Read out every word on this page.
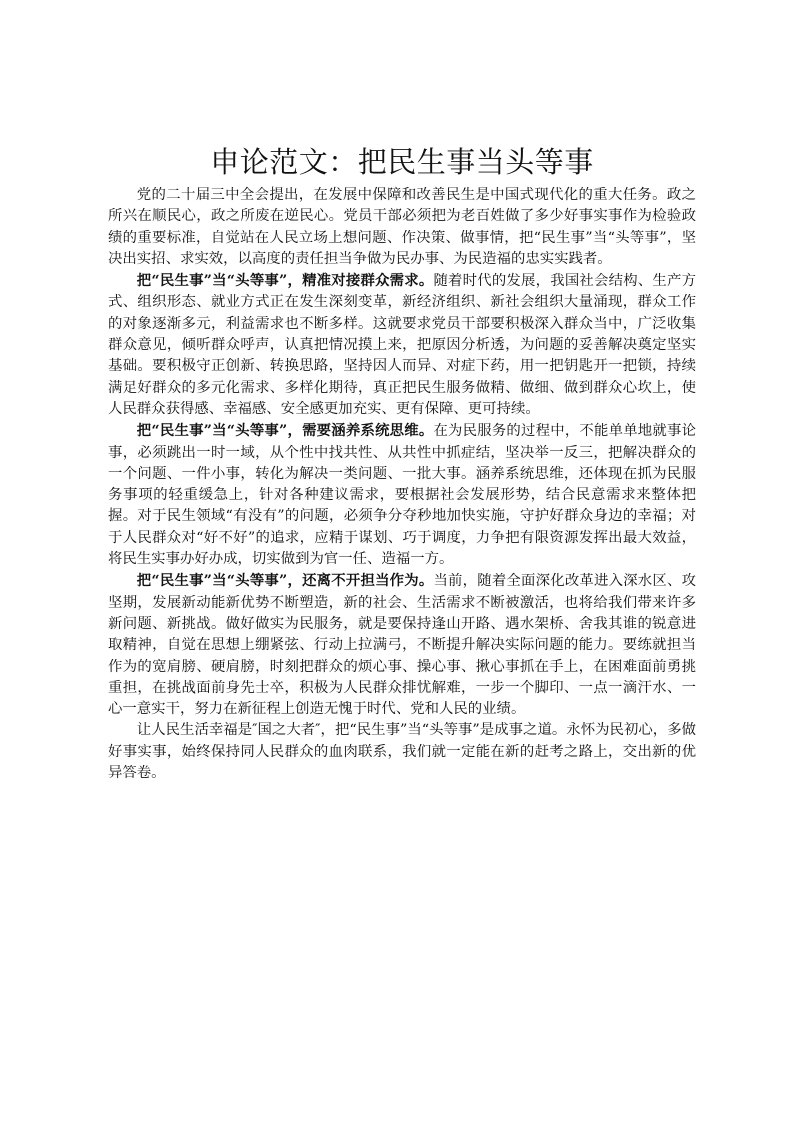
申论范文：把民生事当头等事

党的二十届三中全会提出，在发展中保障和改善民生是中国式现代化的重大任务。政之所兴在顺民心，政之所废在逆民心。党员干部必须把为老百姓做了多少好事实事作为检验政绩的重要标准，自觉站在人民立场上想问题、作决策、做事情，把“民生事”当“头等事”，坚决出实招、求实效，以高度的责任担当争做为民办事、为民造福的忠实实践者。

把“民生事”当“头等事”，精准对接群众需求。随着时代的发展，我国社会结构、生产方式、组织形态、就业方式正在发生深刻变革，新经济组织、新社会组织大量涌现，群众工作的对象逐渐多元，利益需求也不断多样。这就要求党员干部要积极深入群众当中，广泛收集群众意见，倾听群众呼声，认真把情况摸上来，把原因分析透，为问题的妥善解决奠定坚实基础。要积极守正创新、转换思路，坚持因人而异、对症下药，用一把钥匙开一把锁，持续满足好群众的多元化需求、多样化期待，真正把民生服务做精、做细、做到群众心坎上，使人民群众获得感、幸福感、安全感更加充实、更有保障、更可持续。

把“民生事”当“头等事”，需要涵养系统思维。在为民服务的过程中，不能单单地就事论事，必须跳出一时一域，从个性中找共性、从共性中抓症结，坚决举一反三，把解决群众的一个问题、一件小事，转化为解决一类问题、一批大事。涵养系统思维，还体现在抓为民服务事项的轻重缓急上，针对各种建议需求，要根据社会发展形势，结合民意需求来整体把握。对于民生领域“有没有”的问题，必须争分夺秒地加快实施，守护好群众身边的幸福；对于人民群众对“好不好”的追求，应精于谋划、巧于调度，力争把有限资源发挥出最大效益，将民生实事办好办成，切实做到为官一任、造福一方。

把“民生事”当“头等事”，还离不开担当作为。当前，随着全面深化改革进入深水区、攻坚期，发展新动能新优势不断塑造，新的社会、生活需求不断被激活，也将给我们带来许多新问题、新挑战。做好做实为民服务，就是要保持逢山开路、遇水架桥、舍我其谁的锐意进取精神，自觉在思想上绷紧弦、行动上拉满弓，不断提升解决实际问题的能力。要练就担当作为的宽肩膀、硬肩膀，时刻把群众的烦心事、操心事、揪心事抓在手上，在困难面前勇挑重担，在挑战面前身先士卒，积极为人民群众排忧解难，一步一个脚印、一点一滴汗水、一心一意实干，努力在新征程上创造无愧于时代、党和人民的业绩。

让人民生活幸福是″国之大者″，把“民生事”当“头等事”是成事之道。永怀为民初心，多做好事实事，始终保持同人民群众的血肉联系，我们就一定能在新的赶考之路上，交出新的优异答卷。
